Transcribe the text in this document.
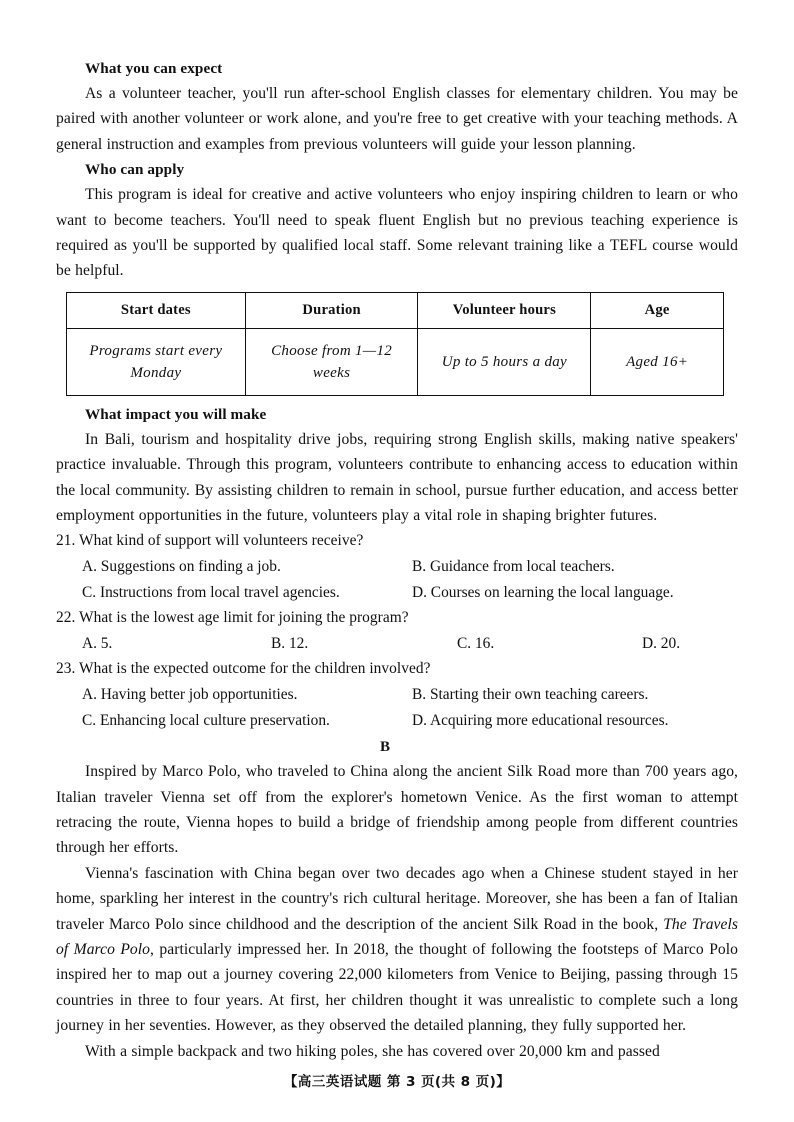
What you can expect
As a volunteer teacher, you'll run after-school English classes for elementary children. You may be paired with another volunteer or work alone, and you're free to get creative with your teaching methods. A general instruction and examples from previous volunteers will guide your lesson planning.
Who can apply
This program is ideal for creative and active volunteers who enjoy inspiring children to learn or who want to become teachers. You'll need to speak fluent English but no previous teaching experience is required as you'll be supported by qualified local staff. Some relevant training like a TEFL course would be helpful.
Start dates	Duration	Volunteer hours	Age
Programs start every Monday	Choose from 1—12 weeks	Up to 5 hours a day	Aged 16+
What impact you will make
In Bali, tourism and hospitality drive jobs, requiring strong English skills, making native speakers' practice invaluable. Through this program, volunteers contribute to enhancing access to education within the local community. By assisting children to remain in school, pursue further education, and access better employment opportunities in the future, volunteers play a vital role in shaping brighter futures.
21. What kind of support will volunteers receive?
A. Suggestions on finding a job.	B. Guidance from local teachers.
C. Instructions from local travel agencies.	D. Courses on learning the local language.
22. What is the lowest age limit for joining the program?
A. 5.	B. 12.	C. 16.	D. 20.
23. What is the expected outcome for the children involved?
A. Having better job opportunities.	B. Starting their own teaching careers.
C. Enhancing local culture preservation.	D. Acquiring more educational resources.
B
Inspired by Marco Polo, who traveled to China along the ancient Silk Road more than 700 years ago, Italian traveler Vienna set off from the explorer's hometown Venice. As the first woman to attempt retracing the route, Vienna hopes to build a bridge of friendship among people from different countries through her efforts.
Vienna's fascination with China began over two decades ago when a Chinese student stayed in her home, sparkling her interest in the country's rich cultural heritage. Moreover, she has been a fan of Italian traveler Marco Polo since childhood and the description of the ancient Silk Road in the book, The Travels of Marco Polo, particularly impressed her. In 2018, the thought of following the footsteps of Marco Polo inspired her to map out a journey covering 22,000 kilometers from Venice to Beijing, passing through 15 countries in three to four years. At first, her children thought it was unrealistic to complete such a long journey in her seventies. However, as they observed the detailed planning, they fully supported her.
With a simple backpack and two hiking poles, she has covered over 20,000 km and passed
【高三英语试题 第 3 页(共 8 页)】
